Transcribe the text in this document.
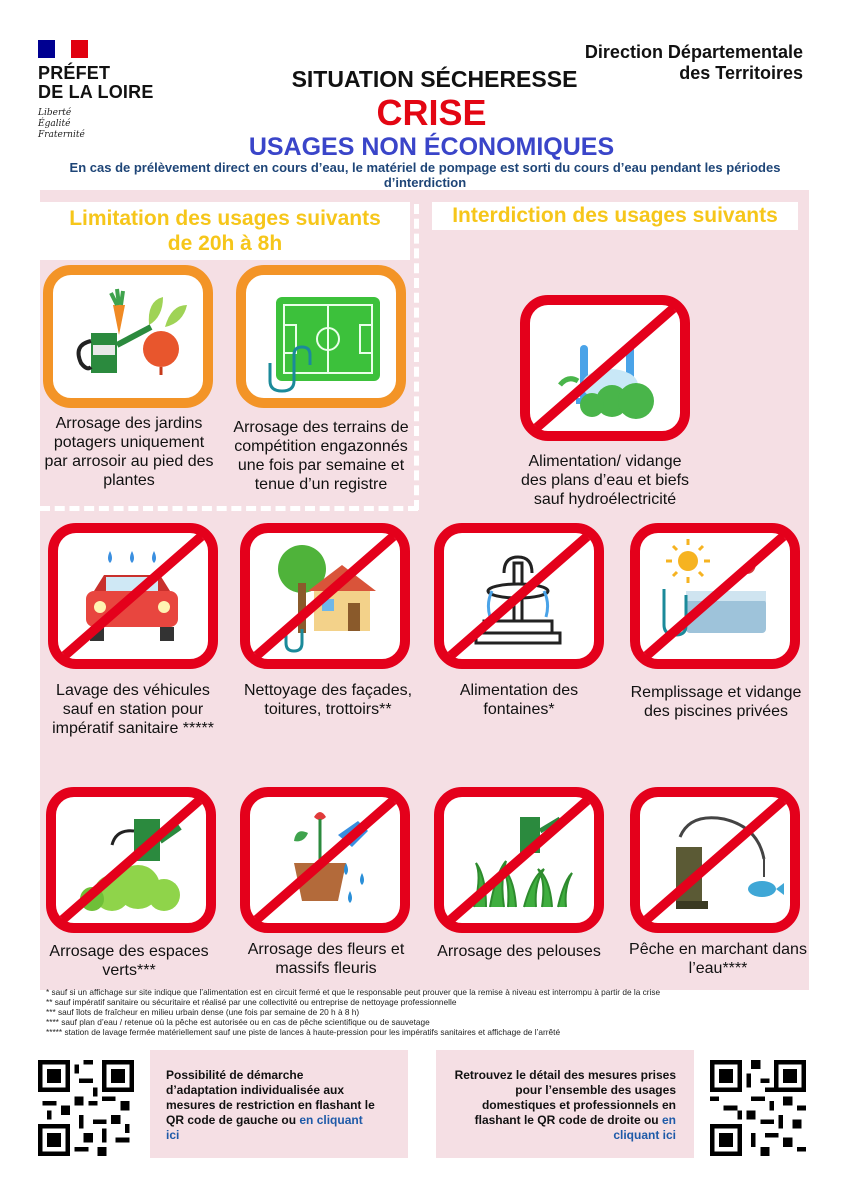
PRÉFET
DE LA LOIRE
Liberté
Égalité
Fraternité
Direction Départementale
des Territoires
SITUATION SÉCHERESSE
CRISE
USAGES NON ÉCONOMIQUES
En cas de prélèvement direct en cours d’eau, le matériel de pompage est sorti du cours d’eau pendant les périodes d’interdiction
Limitation des usages suivants
de 20h à 8h
Interdiction des usages suivants
Arrosage des jardins potagers uniquement par arrosoir au pied des plantes
Arrosage des terrains de compétition engazonnés une fois par semaine et tenue d’un registre
Alimentation/ vidange des plans d’eau et biefs sauf hydroélectricité
Lavage des véhicules sauf en station pour impératif sanitaire *****
Nettoyage des façades, toitures, trottoirs**
Alimentation des fontaines*
Remplissage et vidange des piscines privées
Arrosage des espaces verts***
Arrosage des fleurs et massifs fleuris
Arrosage des pelouses Pêche en marchant dans l’eau****
* sauf si un affichage sur site indique que l’alimentation est en circuit fermé et que le responsable peut prouver que la remise à niveau est interrompu à partir de la crise
** sauf impératif sanitaire ou sécuritaire et réalisé par une collectivité ou entreprise de nettoyage professionnelle
*** sauf îlots de fraîcheur en milieu urbain dense (une fois par semaine de 20 h à 8 h)
**** sauf plan d’eau / retenue où la pêche est autorisée ou en cas de pêche scientifique ou de sauvetage
***** station de lavage fermée matériellement sauf une piste de lances à haute-pression pour les impératifs sanitaires et affichage de l’arrêté
Possibilité de démarche d’adaptation individualisée aux mesures de restriction en flashant le QR code de gauche ou en cliquant ici
Retrouvez le détail des mesures prises pour l’ensemble des usages domestiques et professionnels en flashant le QR code de droite ou en cliquant ici
